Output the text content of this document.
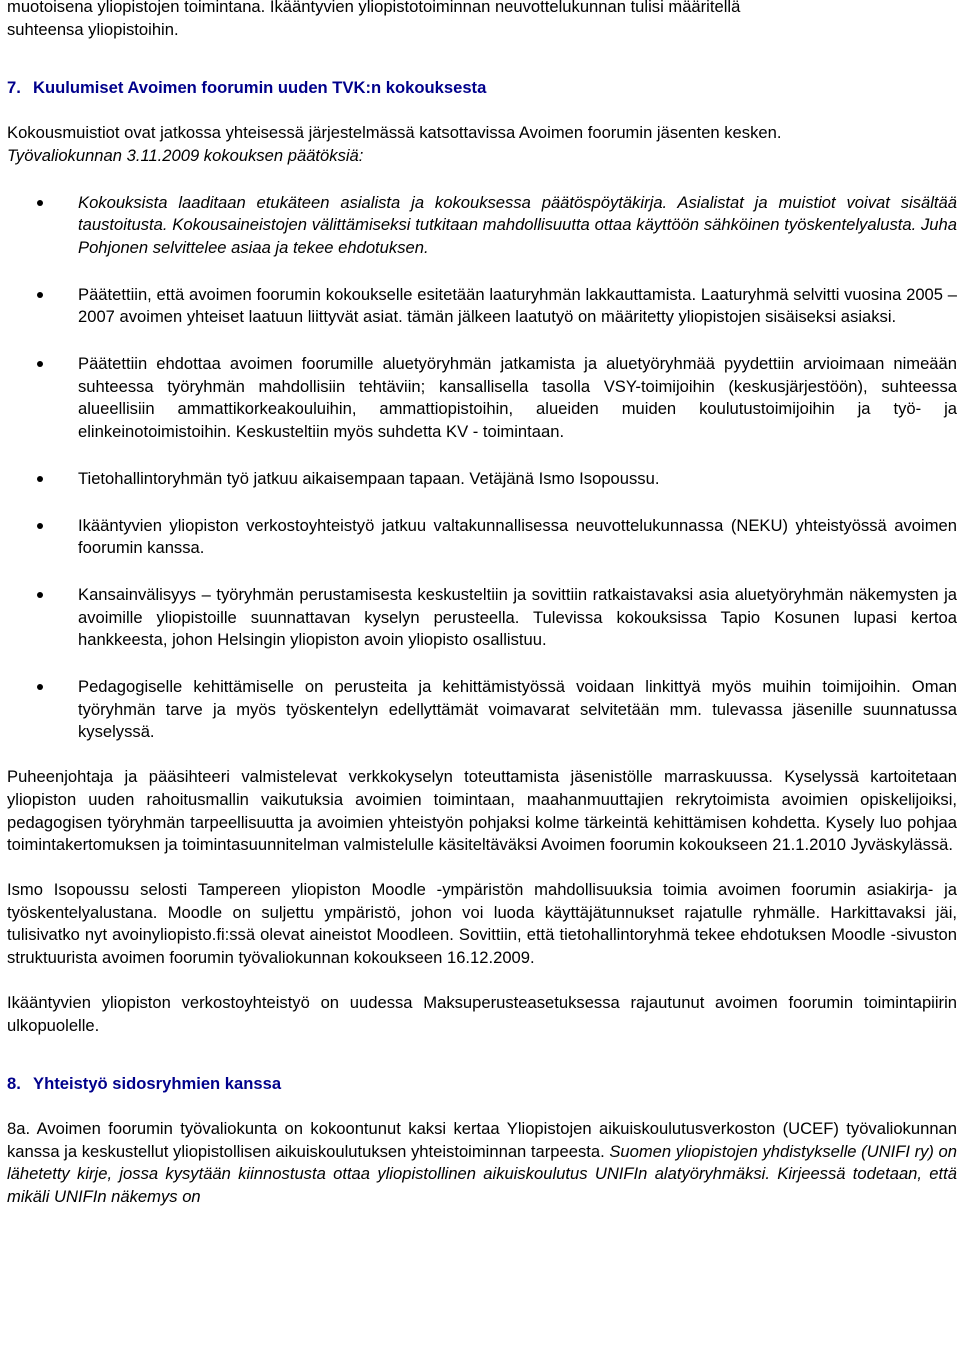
muotoisena yliopistojen toimintana. Ikääntyvien yliopistotoiminnan neuvottelukunnan tulisi määritellä
suhteensa yliopistoihin.

7. Kuulumiset Avoimen foorumin uuden TVK:n kokouksesta

Kokousmuistiot ovat jatkossa yhteisessä järjestelmässä katsottavissa Avoimen foorumin jäsenten kesken.
Työvaliokunnan 3.11.2009 kokouksen päätöksiä:

Kokouksista laaditaan etukäteen asialista ja kokouksessa päätöspöytäkirja. Asialistat ja muistiot voivat sisältää taustoitusta. Kokousaineistojen välittämiseksi tutkitaan mahdollisuutta ottaa käyttöön sähköinen työskentelyalusta. Juha Pohjonen selvittelee asiaa ja tekee ehdotuksen.
Päätettiin, että avoimen foorumin kokoukselle esitetään laaturyhmän lakkauttamista. Laaturyhmä selvitti vuosina 2005 – 2007 avoimen yhteiset laatuun liittyvät asiat. tämän jälkeen laatutyö on määritetty yliopistojen sisäiseksi asiaksi.
Päätettiin ehdottaa avoimen foorumille aluetyöryhmän jatkamista ja aluetyöryhmää pyydettiin arvioimaan nimeään suhteessa työryhmän mahdollisiin tehtäviin; kansallisella tasolla VSY-toimijoihin (keskusjärjestöön), suhteessa alueellisiin ammattikorkeakouluihin, ammattiopistoihin, alueiden muiden koulutustoimijoihin ja työ- ja elinkeinotoimistoihin. Keskusteltiin myös suhdetta KV - toimintaan.
Tietohallintoryhmän työ jatkuu aikaisempaan tapaan. Vetäjänä Ismo Isopoussu.
Ikääntyvien yliopiston verkostoyhteistyö jatkuu valtakunnallisessa neuvottelukunnassa (NEKU) yhteistyössä avoimen foorumin kanssa.
Kansainvälisyys – työryhmän perustamisesta keskusteltiin ja sovittiin ratkaistavaksi asia aluetyöryhmän näkemysten ja avoimille yliopistoille suunnattavan kyselyn perusteella. Tulevissa kokouksissa Tapio Kosunen lupasi kertoa hankkeesta, johon Helsingin yliopiston avoin yliopisto osallistuu.
Pedagogiselle kehittämiselle on perusteita ja kehittämistyössä voidaan linkittyä myös muihin toimijoihin. Oman työryhmän tarve ja myös työskentelyn edellyttämät voimavarat selvitetään mm. tulevassa jäsenille suunnatussa kyselyssä.

Puheenjohtaja ja pääsihteeri valmistelevat verkkokyselyn toteuttamista jäsenistölle marraskuussa. Kyselyssä kartoitetaan yliopiston uuden rahoitusmallin vaikutuksia avoimien toimintaan, maahanmuuttajien rekrytoimista avoimien opiskelijoiksi, pedagogisen työryhmän tarpeellisuutta ja avoimien yhteistyön pohjaksi kolme tärkeintä kehittämisen kohdetta. Kysely luo pohjaa toimintakertomuksen ja toimintasuunnitelman valmistelulle käsiteltäväksi Avoimen foorumin kokoukseen 21.1.2010 Jyväskylässä.

Ismo Isopoussu selosti Tampereen yliopiston Moodle -ympäristön mahdollisuuksia toimia avoimen foorumin asiakirja- ja työskentelyalustana. Moodle on suljettu ympäristö, johon voi luoda käyttäjätunnukset rajatulle ryhmälle. Harkittavaksi jäi, tulisivatko nyt avoinyliopisto.fi:ssä olevat aineistot Moodleen. Sovittiin, että tietohallintoryhmä tekee ehdotuksen Moodle -sivuston struktuurista avoimen foorumin työvaliokunnan kokoukseen 16.12.2009.

Ikääntyvien yliopiston verkostoyhteistyö on uudessa Maksuperusteasetuksessa rajautunut avoimen foorumin toimintapiirin ulkopuolelle.

8. Yhteistyö sidosryhmien kanssa

8a. Avoimen foorumin työvaliokunta on kokoontunut kaksi kertaa Yliopistojen aikuiskoulutusverkoston (UCEF) työvaliokunnan kanssa ja keskustellut yliopistollisen aikuiskoulutuksen yhteistoiminnan tarpeesta. Suomen yliopistojen yhdistykselle (UNIFI ry) on lähetetty kirje, jossa kysytään kiinnostusta ottaa yliopistollinen aikuiskoulutus UNIFIn alatyöryhmäksi. Kirjeessä todetaan, että mikäli UNIFIn näkemys on
